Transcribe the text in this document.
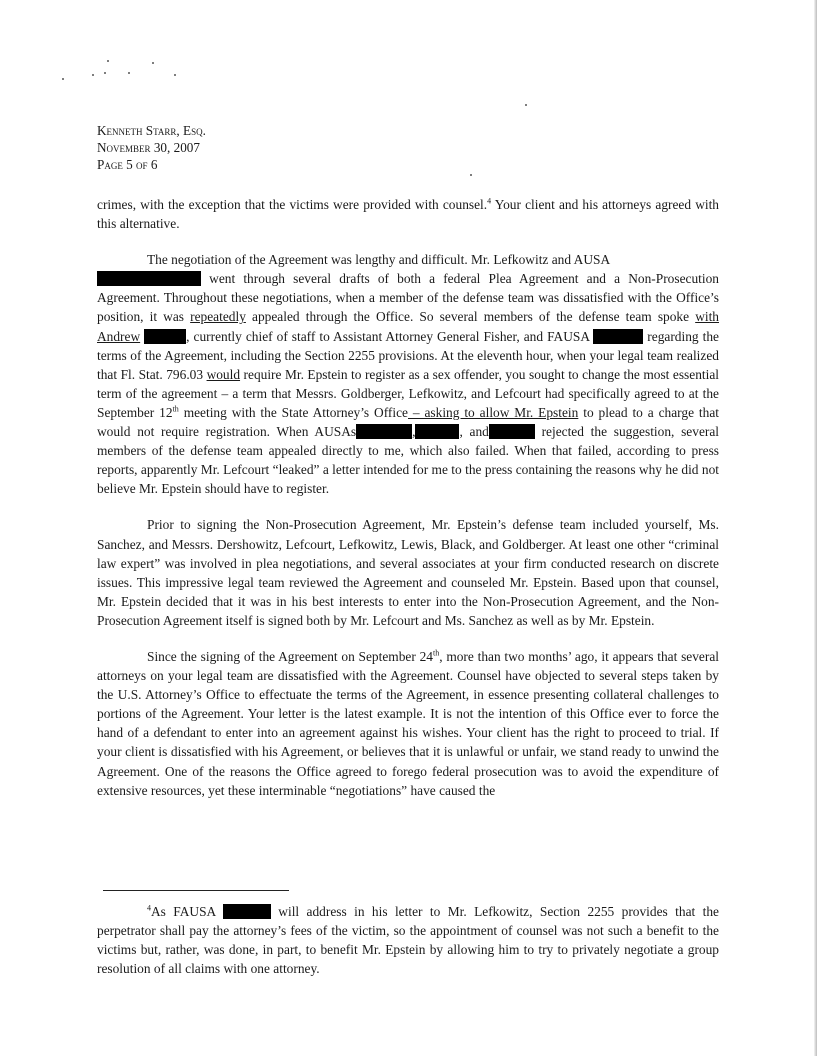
Kenneth Starr, Esq.
November 30, 2007
Page 5 of 6

crimes, with the exception that the victims were provided with counsel.$^4$ Your client and his attorneys agreed with this alternative.

The negotiation of the Agreement was lengthy and difficult. Mr. Lefkowitz and AUSA
went through several drafts of both a federal Plea Agreement and a Non-Prosecution Agreement. Throughout these negotiations, when a member of the defense team was dissatisfied with the Office’s position, it was repeatedly appealed through the Office. So several members of the defense team spoke with Andrew	, currently chief of staff to Assistant Attorney General Fisher, and FAUSA	regarding the terms of the Agreement, including the Section 2255 provisions. At the eleventh hour, when your legal team realized that Fl. Stat. 796.03 would require Mr. Epstein to register as a sex offender, you sought to change the most essential term of the agreement – a term that Messrs. Goldberger, Lefkowitz, and Lefcourt had specifically agreed to at the September 12th meeting with the State Attorney’s Office – asking to allow Mr. Epstein to plead to a charge that would not require registration. When AUSAs	,	, and	rejected the suggestion, several members of the defense team appealed directly to me, which also failed. When that failed, according to press reports, apparently Mr. Lefcourt “leaked” a letter intended for me to the press containing the reasons why he did not believe Mr. Epstein should have to register.

Prior to signing the Non-Prosecution Agreement, Mr. Epstein’s defense team included yourself, Ms. Sanchez, and Messrs. Dershowitz, Lefcourt, Lefkowitz, Lewis, Black, and Goldberger. At least one other “criminal law expert” was involved in plea negotiations, and several associates at your firm conducted research on discrete issues. This impressive legal team reviewed the Agreement and counseled Mr. Epstein. Based upon that counsel, Mr. Epstein decided that it was in his best interests to enter into the Non-Prosecution Agreement, and the Non-Prosecution Agreement itself is signed both by Mr. Lefcourt and Ms. Sanchez as well as by Mr. Epstein.

Since the signing of the Agreement on September 24th, more than two months’ ago, it appears that several attorneys on your legal team are dissatisfied with the Agreement. Counsel have objected to several steps taken by the U.S. Attorney’s Office to effectuate the terms of the Agreement, in essence presenting collateral challenges to portions of the Agreement. Your letter is the latest example. It is not the intention of this Office ever to force the hand of a defendant to enter into an agreement against his wishes. Your client has the right to proceed to trial. If your client is dissatisfied with his Agreement, or believes that it is unlawful or unfair, we stand ready to unwind the Agreement. One of the reasons the Office agreed to forego federal prosecution was to avoid the expenditure of extensive resources, yet these interminable “negotiations” have caused the

$^4$As FAUSA	will address in his letter to Mr. Lefkowitz, Section 2255 provides that the perpetrator shall pay the attorney’s fees of the victim, so the appointment of counsel was not such a benefit to the victims but, rather, was done, in part, to benefit Mr. Epstein by allowing him to try to privately negotiate a group resolution of all claims with one attorney.
